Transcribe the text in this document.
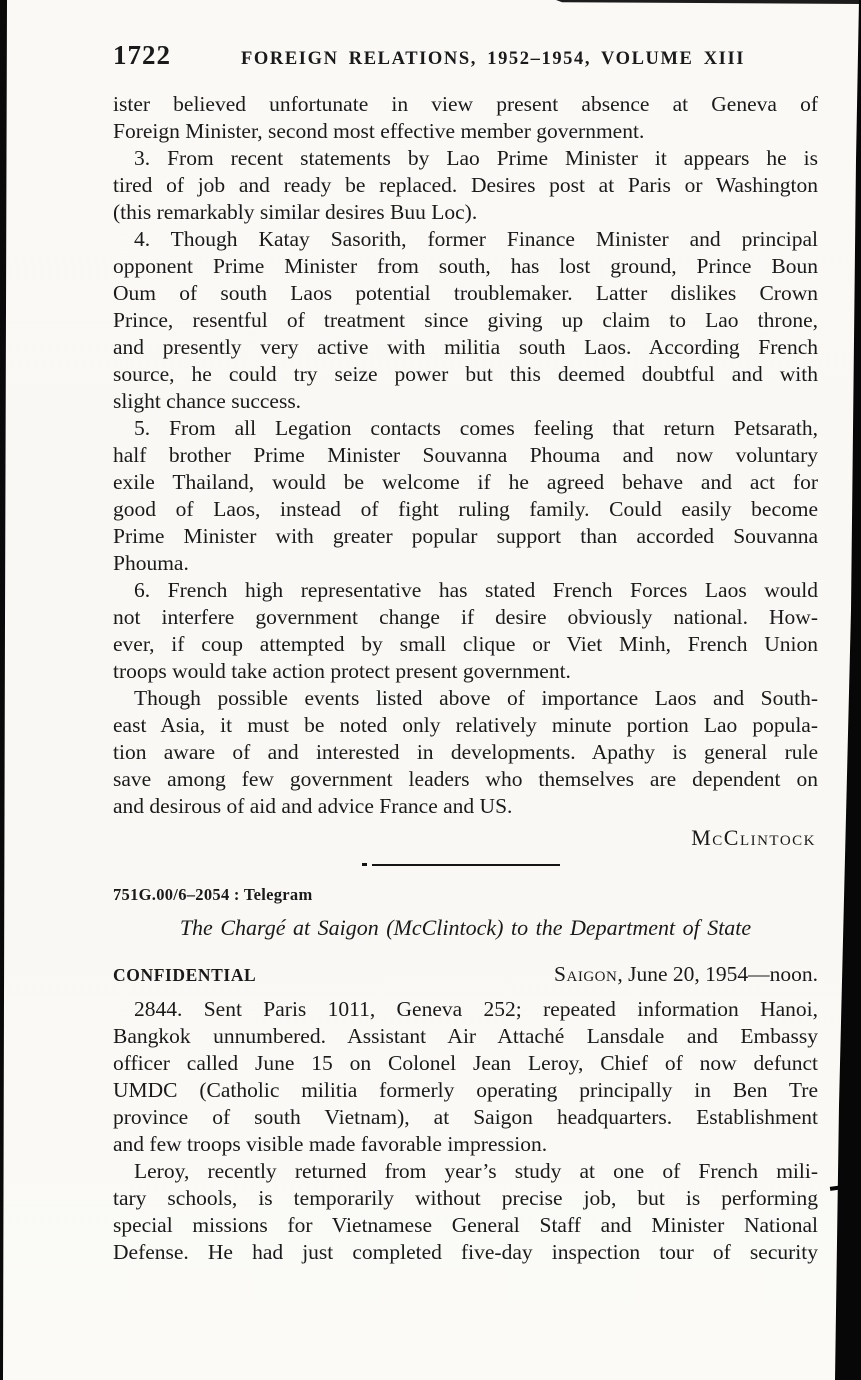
1722	FOREIGN RELATIONS, 1952–1954, VOLUME XIII
ister believed unfortunate in view present absence at Geneva of
Foreign Minister, second most effective member government.
3. From recent statements by Lao Prime Minister it appears he is
tired of job and ready be replaced. Desires post at Paris or Washington
(this remarkably similar desires Buu Loc).
4. Though Katay Sasorith, former Finance Minister and principal
opponent Prime Minister from south, has lost ground, Prince Boun
Oum of south Laos potential troublemaker. Latter dislikes Crown
Prince, resentful of treatment since giving up claim to Lao throne,
and presently very active with militia south Laos. According French
source, he could try seize power but this deemed doubtful and with
slight chance success.
5. From all Legation contacts comes feeling that return Petsarath,
half brother Prime Minister Souvanna Phouma and now voluntary
exile Thailand, would be welcome if he agreed behave and act for
good of Laos, instead of fight ruling family. Could easily become
Prime Minister with greater popular support than accorded Souvanna
Phouma.
6. French high representative has stated French Forces Laos would
not interfere government change if desire obviously national. How-
ever, if coup attempted by small clique or Viet Minh, French Union
troops would take action protect present government.
Though possible events listed above of importance Laos and South-
east Asia, it must be noted only relatively minute portion Lao popula-
tion aware of and interested in developments. Apathy is general rule
save among few government leaders who themselves are dependent on
and desirous of aid and advice France and US.
McClintock
751G.00/6–2054 : Telegram
The Chargé at Saigon (McClintock) to the Department of State
CONFIDENTIAL	Saigon, June 20, 1954—noon.
2844. Sent Paris 1011, Geneva 252; repeated information Hanoi,
Bangkok unnumbered. Assistant Air Attaché Lansdale and Embassy
officer called June 15 on Colonel Jean Leroy, Chief of now defunct
UMDC (Catholic militia formerly operating principally in Ben Tre
province of south Vietnam), at Saigon headquarters. Establishment
and few troops visible made favorable impression.
Leroy, recently returned from year’s study at one of French mili-
tary schools, is temporarily without precise job, but is performing
special missions for Vietnamese General Staff and Minister National
Defense. He had just completed five-day inspection tour of security
